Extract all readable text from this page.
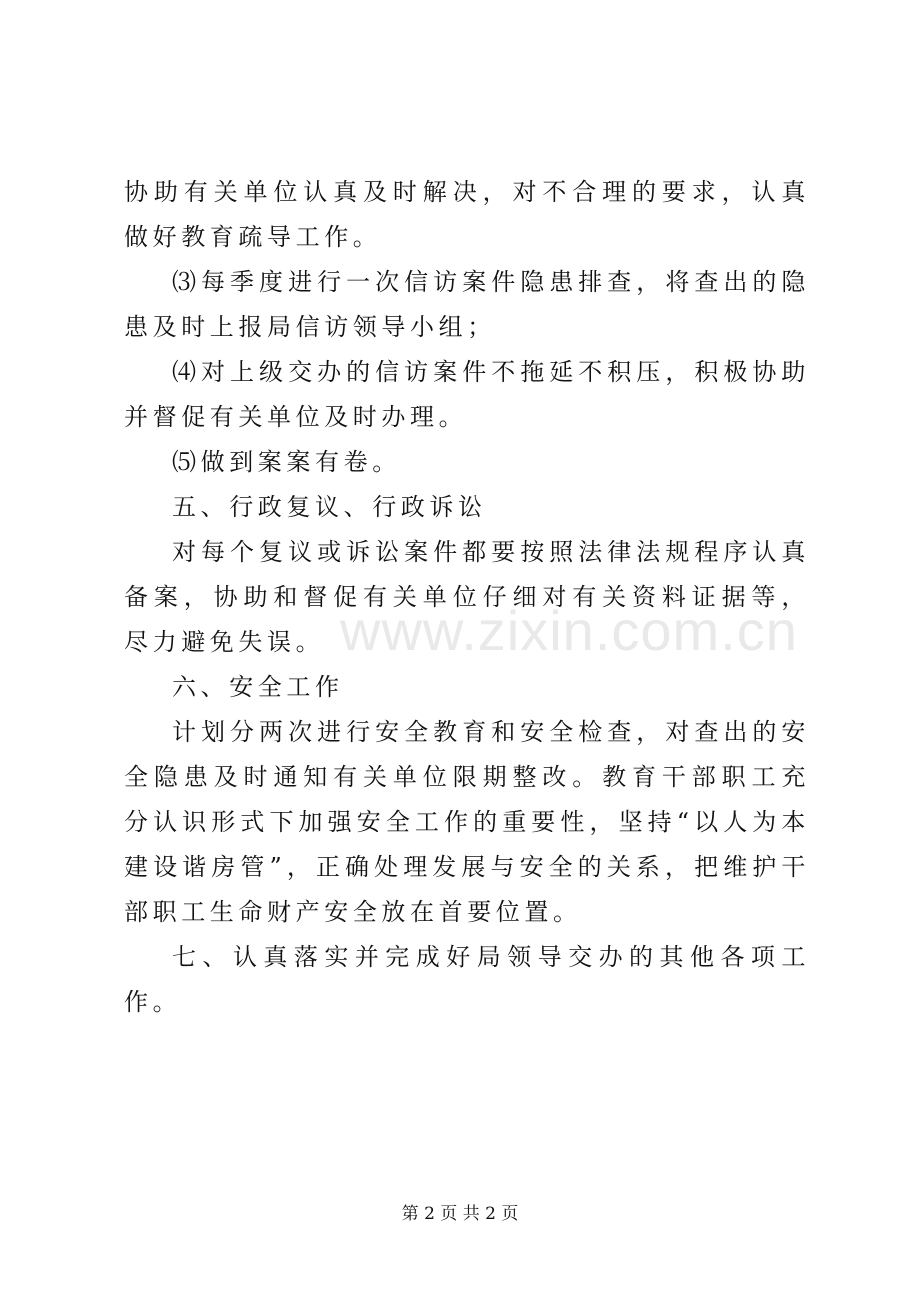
www.zixin.com.cn

协助有关单位认真及时解决，对不合理的要求，认真做好教育疏导工作。

⑶每季度进行一次信访案件隐患排查，将查出的隐患及时上报局信访领导小组；

⑷对上级交办的信访案件不拖延不积压，积极协助并督促有关单位及时办理。

⑸做到案案有卷。

五、行政复议、行政诉讼

对每个复议或诉讼案件都要按照法律法规程序认真备案，协助和督促有关单位仔细对有关资料证据等，尽力避免失误。

六、安全工作

计划分两次进行安全教育和安全检查，对查出的安全隐患及时通知有关单位限期整改。教育干部职工充分认识形式下加强安全工作的重要性，坚持“以人为本建设谐房管”，正确处理发展与安全的关系，把维护干部职工生命财产安全放在首要位置。

七、认真落实并完成好局领导交办的其他各项工作。

第 2 页 共 2 页
